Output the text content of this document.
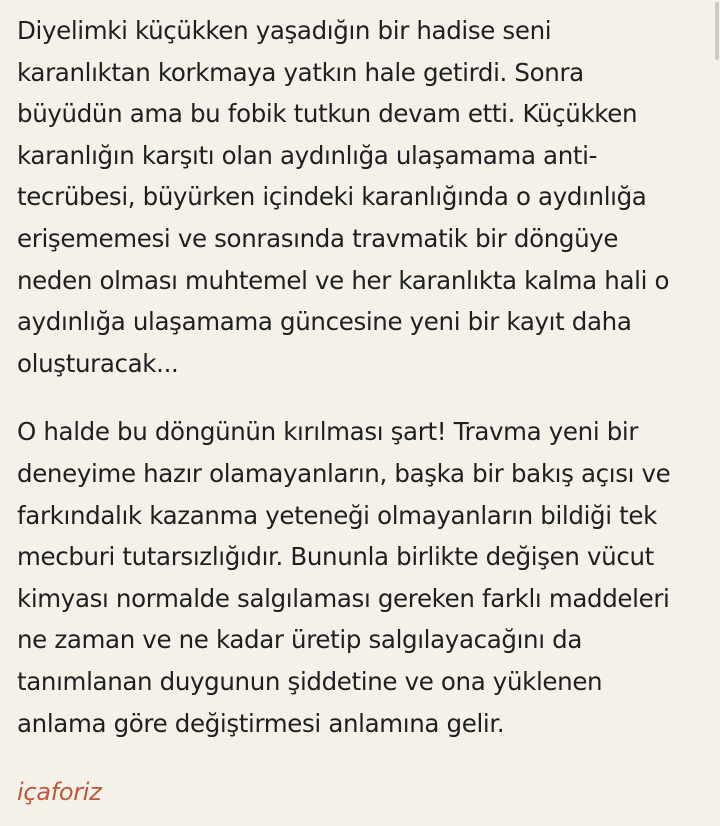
Diyelimki küçükken yaşadığın bir hadise seni
karanlıktan korkmaya yatkın hale getirdi. Sonra
büyüdün ama bu fobik tutkun devam etti. Küçükken
karanlığın karşıtı olan aydınlığa ulaşamama anti-
tecrübesi, büyürken içindeki karanlığında o aydınlığa
erişememesi ve sonrasında travmatik bir döngüye
neden olması muhtemel ve her karanlıkta kalma hali o
aydınlığa ulaşamama güncesine yeni bir kayıt daha
oluşturacak...

O halde bu döngünün kırılması şart! Travma yeni bir
deneyime hazır olamayanların, başka bir bakış açısı ve
farkındalık kazanma yeteneği olmayanların bildiği tek
mecburi tutarsızlığıdır. Bununla birlikte değişen vücut
kimyası normalde salgılaması gereken farklı maddeleri
ne zaman ve ne kadar üretip salgılayacağını da
tanımlanan duygunun şiddetine ve ona yüklenen
anlama göre değiştirmesi anlamına gelir.

içaforiz
